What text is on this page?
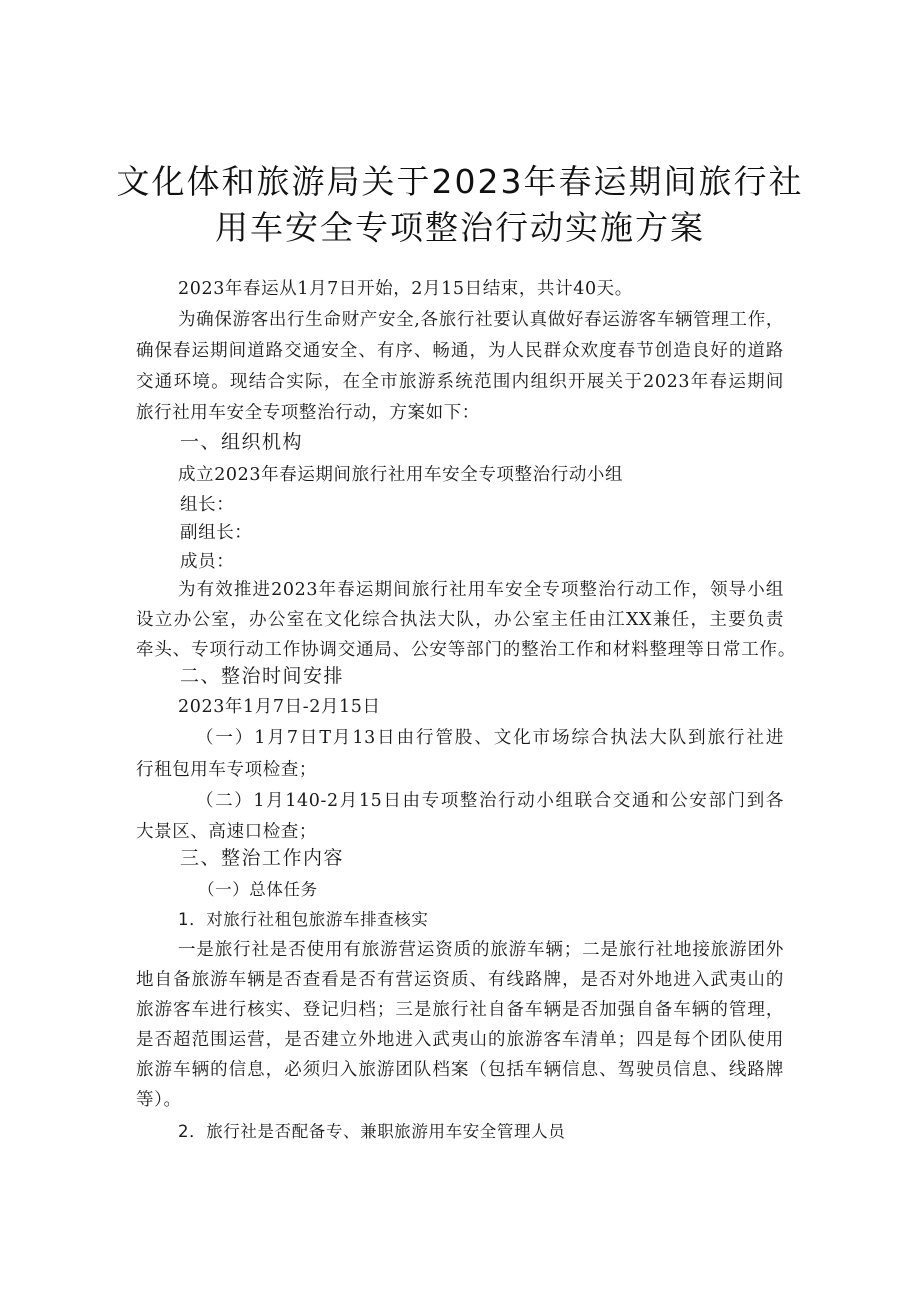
文化体和旅游局关于2023年春运期间旅行社
用车安全专项整治行动实施方案
2023年春运从1月7日开始，2月15日结束，共计40天。
为确保游客出行生命财产安全,各旅行社要认真做好春运游客车辆管理工作，
确保春运期间道路交通安全、有序、畅通，为人民群众欢度春节创造良好的道路
交通环境。现结合实际，在全市旅游系统范围内组织开展关于2023年春运期间
旅行社用车安全专项整治行动，方案如下：
一、组织机构
成立2023年春运期间旅行社用车安全专项整治行动小组
组长：
副组长：
成员：
为有效推进2023年春运期间旅行社用车安全专项整治行动工作，领导小组
设立办公室，办公室在文化综合执法大队，办公室主任由江XX兼任，主要负责
牵头、专项行动工作协调交通局、公安等部门的整治工作和材料整理等日常工作。
二、整治时间安排
2023年1月7日-2月15日
（一）1月7日T月13日由行管股、文化市场综合执法大队到旅行社进
行租包用车专项检查；
（二）1月140-2月15日由专项整治行动小组联合交通和公安部门到各
大景区、高速口检查；
三、整治工作内容
（一）总体任务
1．对旅行社租包旅游车排查核实
一是旅行社是否使用有旅游营运资质的旅游车辆；二是旅行社地接旅游团外
地自备旅游车辆是否查看是否有营运资质、有线路牌，是否对外地进入武夷山的
旅游客车进行核实、登记归档；三是旅行社自备车辆是否加强自备车辆的管理，
是否超范围运营，是否建立外地进入武夷山的旅游客车清单；四是每个团队使用
旅游车辆的信息，必须归入旅游团队档案（包括车辆信息、驾驶员信息、线路牌
等）。
2．旅行社是否配备专、兼职旅游用车安全管理人员
